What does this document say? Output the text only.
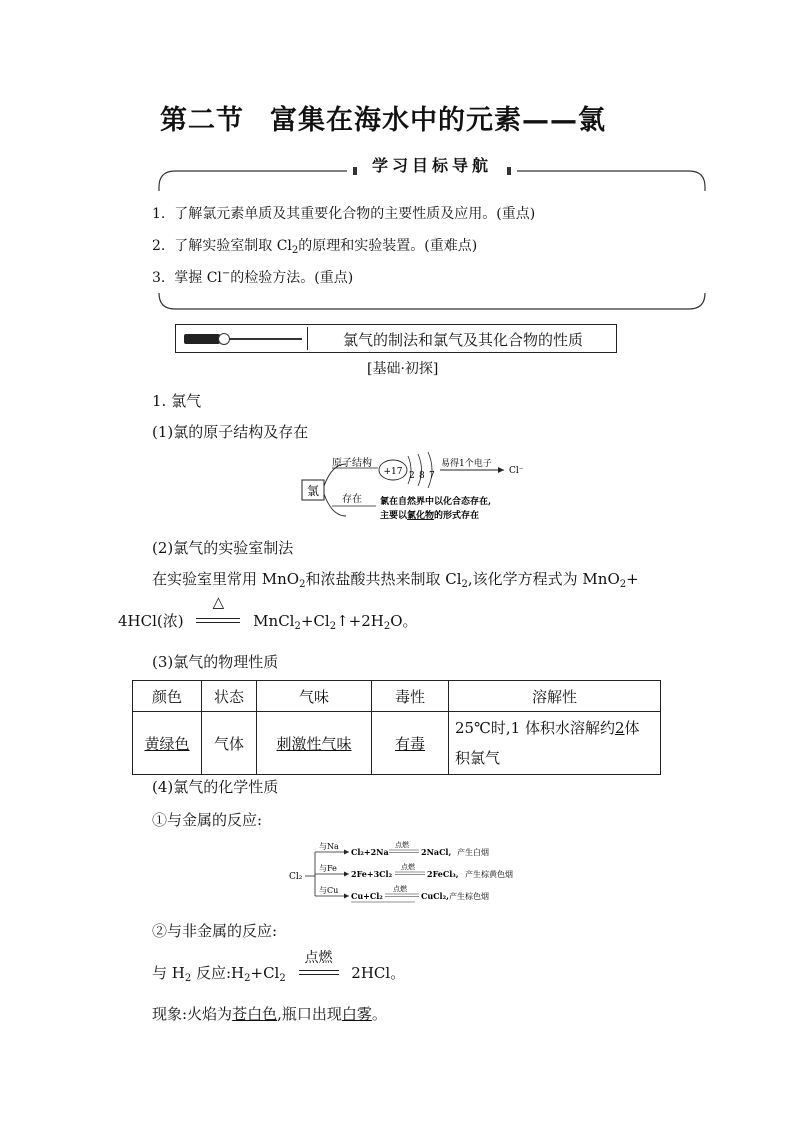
第二节 富集在海水中的元素——氯
学习目标导航
1. 了解氯元素单质及其重要化合物的主要性质及应用。(重点)
2. 了解实验室制取 $Cl_2$的原理和实验装置。(重难点)
3. 掌握 Cl−的检验方法。(重点)
氯气的制法和氯气及其化合物的性质
[基础·初探]
1. 氯气
(1)氯的原子结构及存在
氯
原子结构
存在
+17 2 8 7
易得1个电子
Cl⁻
氯在自然界中以化合态存在,
主要以氯化物的形式存在
(2)氯气的实验室制法
在实验室里常用 MnO$_2$和浓盐酸共热来制取 $Cl_2$,该化学方程式为 MnO$_2$+
4HCl(浓)
△
$MnCl_2+Cl_2↑+2H_2O$。
(3)氯气的物理性质
颜色	状态	气味	毒性	溶解性
黄绿色	气体	刺激性气味	有毒	25℃时,1 体积水溶解约2体
积氯气
(4)氯气的化学性质
①与金属的反应:
Cl₂
与Na
与Fe
与Cu
Cl₂+2Na
点燃
2NaCl, 产生白烟
2Fe+3Cl₂
点燃
2FeCl₃, 产生棕黄色烟
Cu+Cl₂
点燃
CuCl₂, 产生棕色烟
②与非金属的反应:
与 $H_2$ 反应$:H_2+Cl_2$
点燃
2HCl。
现象:火焰为苍白色,瓶口出现白雾。
